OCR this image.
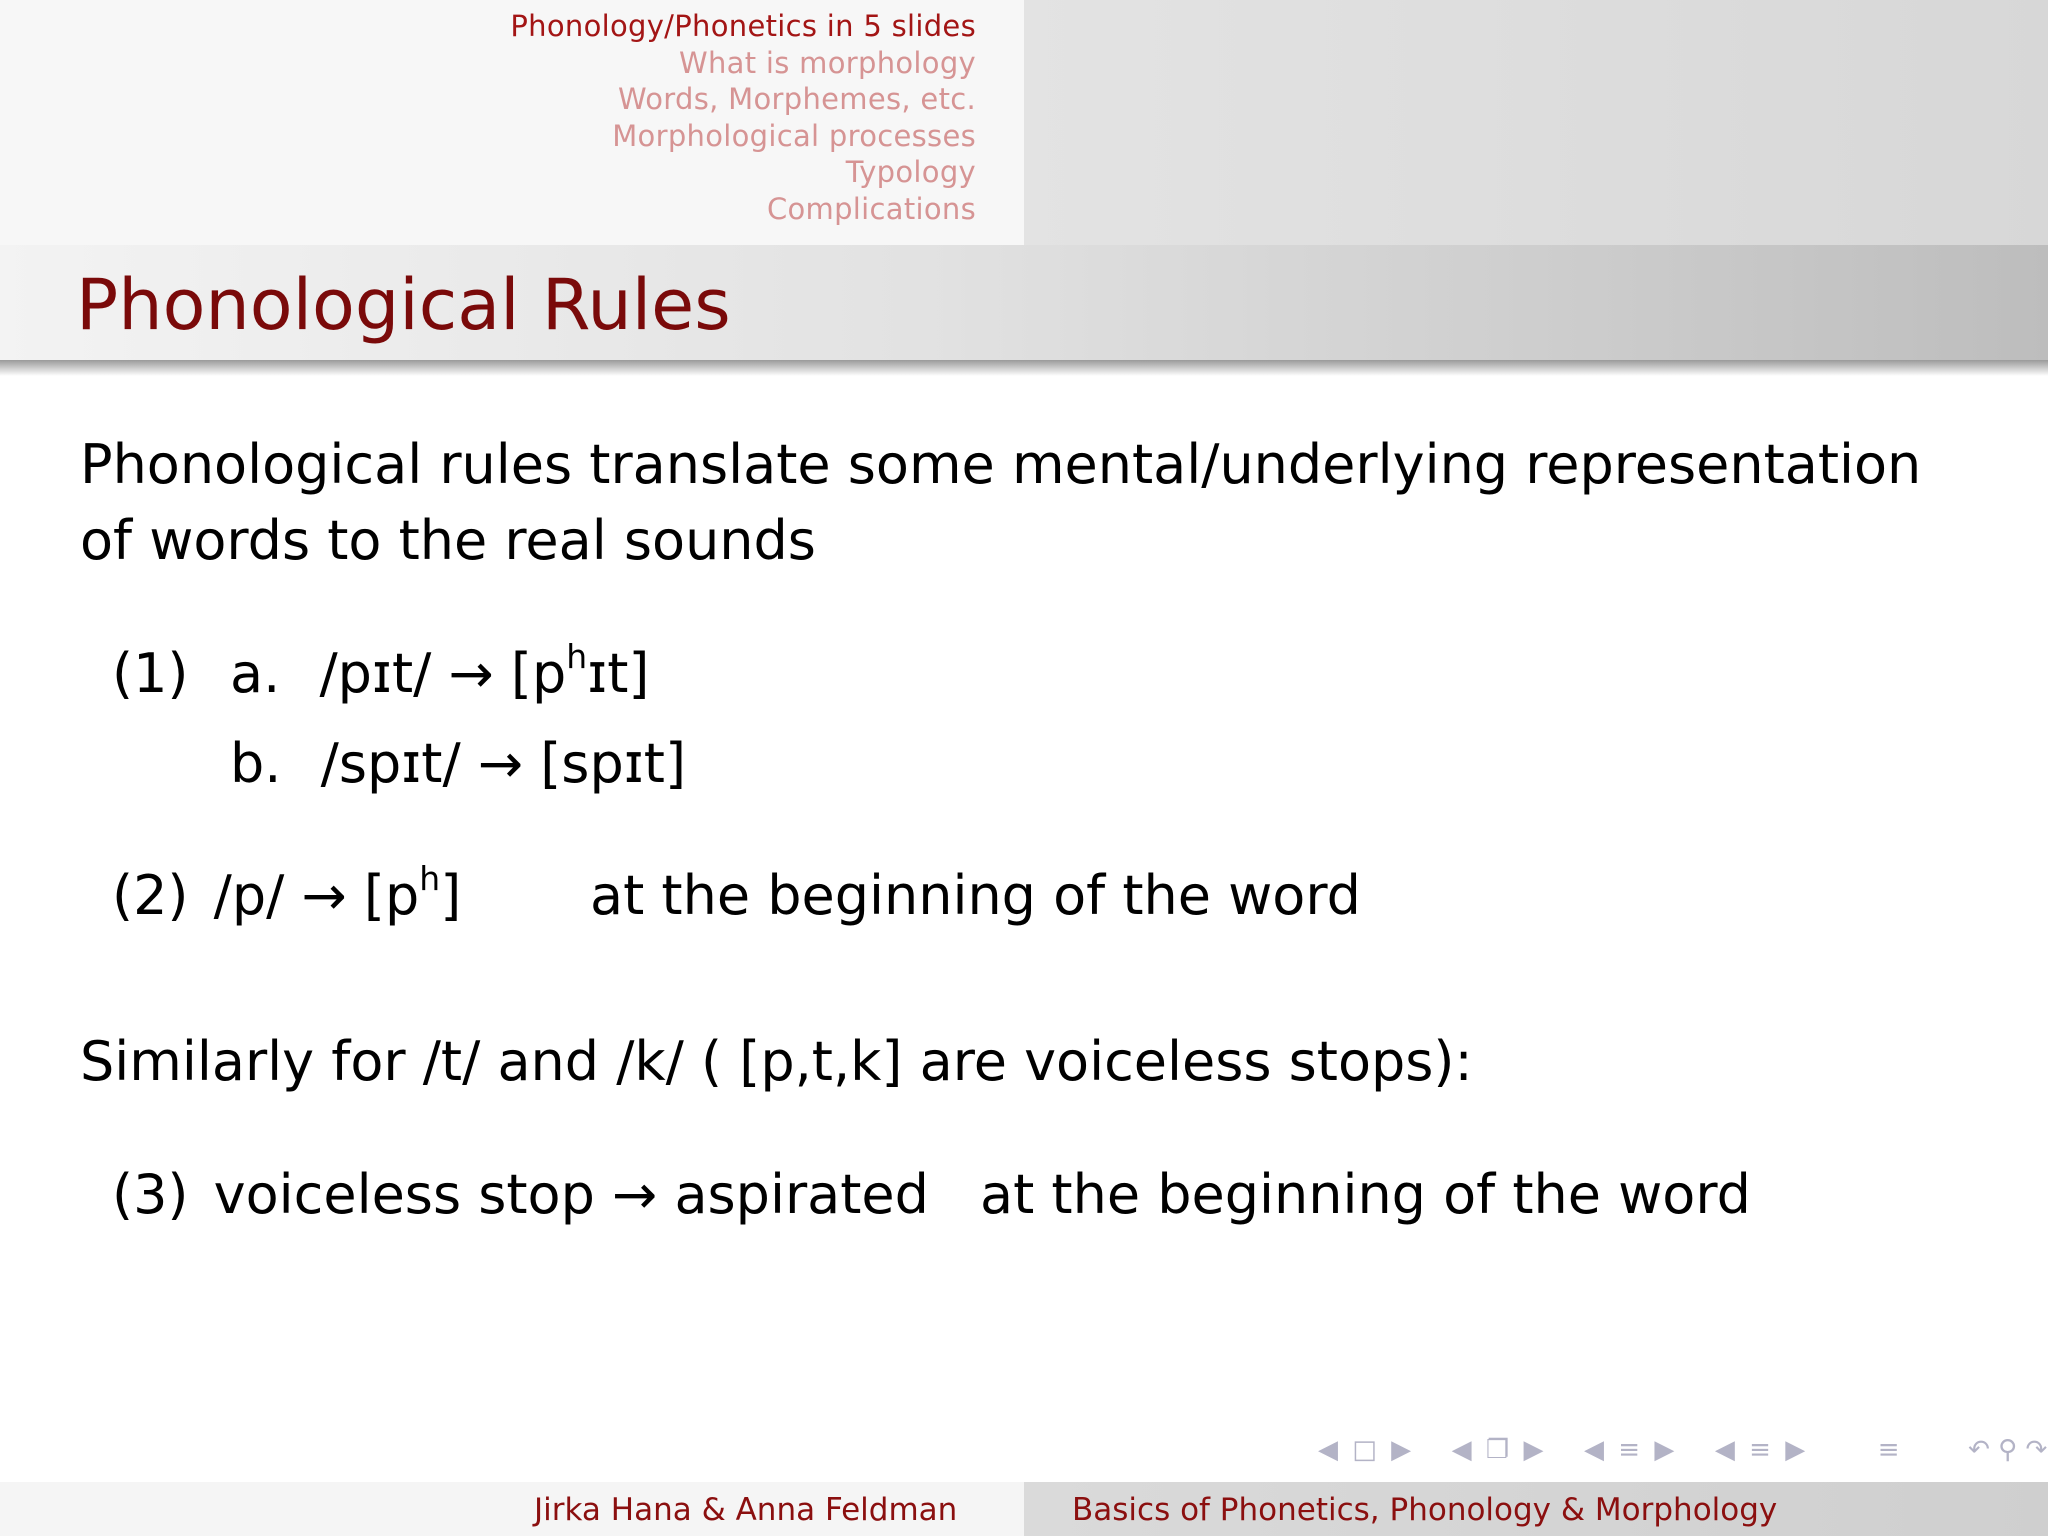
Phonology/Phonetics in 5 slides
What is morphology
Words, Morphemes, etc.
Morphological processes
Typology
Complications
Phonological Rules

Phonological rules translate some mental/underlying representation of words to the real sounds

(1) a. /pɪt/ → $[p^hɪt]$
b. /spɪt/ → [spɪt]
(2) $/p/ \to [p^h]$ at the beginning of the word

Similarly for /t/ and /k/ ( [p,t,k] are voiceless stops):

(3) voiceless stop → aspirated at the beginning of the word
◀ □ ▶ ◀ ❐ ▶ ◀ ≡ ▶ ◀ ≡ ▶	≡	↶ ⚲ ↷
Jirka Hana & Anna Feldman	Basics of Phonetics, Phonology & Morphology
